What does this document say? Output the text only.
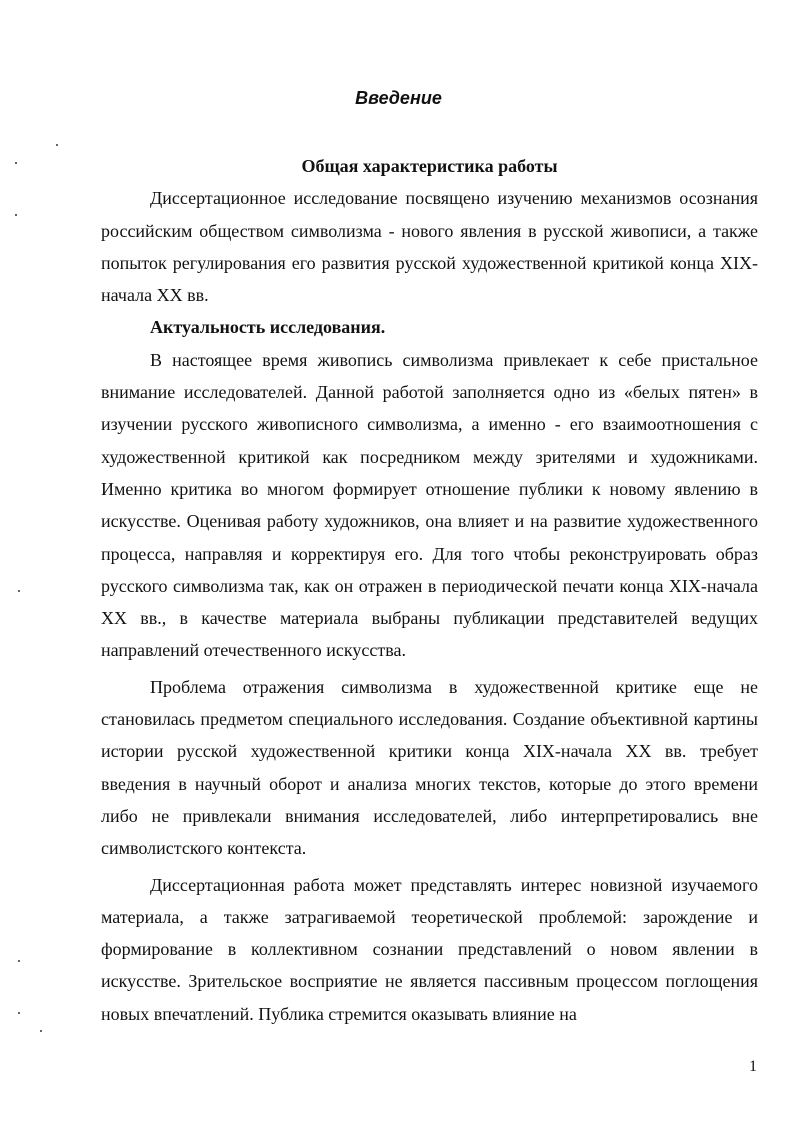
Введение

Общая характеристика работы

Диссертационное исследование посвящено изучению механизмов осознания российским обществом символизма - нового явления в русской живописи, а также попыток регулирования его развития русской художественной критикой конца XIX- начала XX вв.

Актуальность исследования.

В настоящее время живопись символизма привлекает к себе пристальное внимание исследователей. Данной работой заполняется одно из «белых пятен» в изучении русского живописного символизма, а именно - его взаимоотношения с художественной критикой как посредником между зрителями и художниками. Именно критика во многом формирует отношение публики к новому явлению в искусстве. Оценивая работу художников, она влияет и на развитие художественного процесса, направляя и корректируя его. Для того чтобы реконструировать образ русского символизма так, как он отражен в периодической печати конца XIX-начала XX вв., в качестве материала выбраны публикации представителей ведущих направлений отечественного искусства.

Проблема отражения символизма в художественной критике еще не становилась предметом специального исследования. Создание объективной картины истории русской художественной критики конца XIX-начала XX вв. требует введения в научный оборот и анализа многих текстов, которые до этого времени либо не привлекали внимания исследователей, либо интерпретировались вне символистского контекста.

Диссертационная работа может представлять интерес новизной изучаемого материала, а также затрагиваемой теоретической проблемой: зарождение и формирование в коллективном сознании представлений о новом явлении в искусстве. Зрительское восприятие не является пассивным процессом поглощения новых впечатлений. Публика стремится оказывать влияние на

1
